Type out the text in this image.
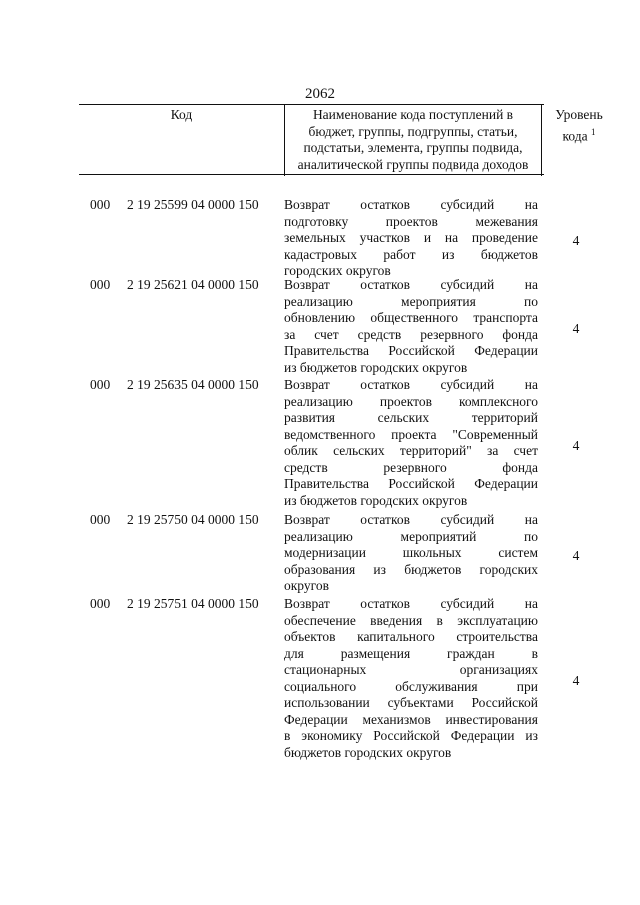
2062
Код	Наименование кода поступлений в
бюджет, группы, подгруппы, статьи,
подстатьи, элемента, группы подвида,
аналитической группы подвида доходов
Уровень
кода $^1$
000 2 19 25599 04 0000 150 Возврат остатков субсидий на
подготовку проектов межевания
земельных участков и на проведение
кадастровых работ из бюджетов
городских округов
4
000 2 19 25621 04 0000 150 Возврат остатков субсидий на
реализацию мероприятия по
обновлению общественного транспорта
за счет средств резервного фонда
Правительства Российской Федерации
из бюджетов городских округов
4
000 2 19 25635 04 0000 150 Возврат остатков субсидий на
реализацию проектов комплексного
развития сельских территорий
ведомственного проекта "Современный
облик сельских территорий" за счет
средств резервного фонда
Правительства Российской Федерации
из бюджетов городских округов
4
000 2 19 25750 04 0000 150 Возврат остатков субсидий на
реализацию мероприятий по
модернизации школьных систем
образования из бюджетов городских
округов
4
000 2 19 25751 04 0000 150 Возврат остатков субсидий на
обеспечение введения в эксплуатацию
объектов капитального строительства
для размещения граждан в
стационарных организациях
социального обслуживания при
использовании субъектами Российской
Федерации механизмов инвестирования
в экономику Российской Федерации из
бюджетов городских округов
4
